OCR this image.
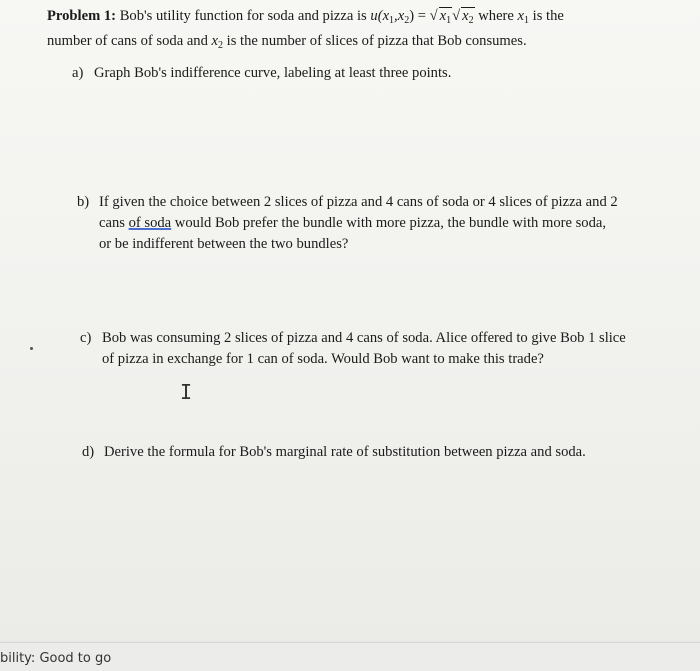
Problem 1: Bob's utility function for soda and pizza is $u(x_1,x_2)$ = √ $x_1√$ $x_2$ where $x_1$ is the
number of cans of soda and $x_2$ is the number of slices of pizza that Bob consumes.
a) Graph Bob's indifference curve, labeling at least three points.
b) If given the choice between 2 slices of pizza and 4 cans of soda or 4 slices of pizza and 2
cans of soda would Bob prefer the bundle with more pizza, the bundle with more soda,
or be indifferent between the two bundles?
c) Bob was consuming 2 slices of pizza and 4 cans of soda. Alice offered to give Bob 1 slice
of pizza in exchange for 1 can of soda. Would Bob want to make this trade?
I
d) Derive the formula for Bob's marginal rate of substitution between pizza and soda.
bility: Good to go
